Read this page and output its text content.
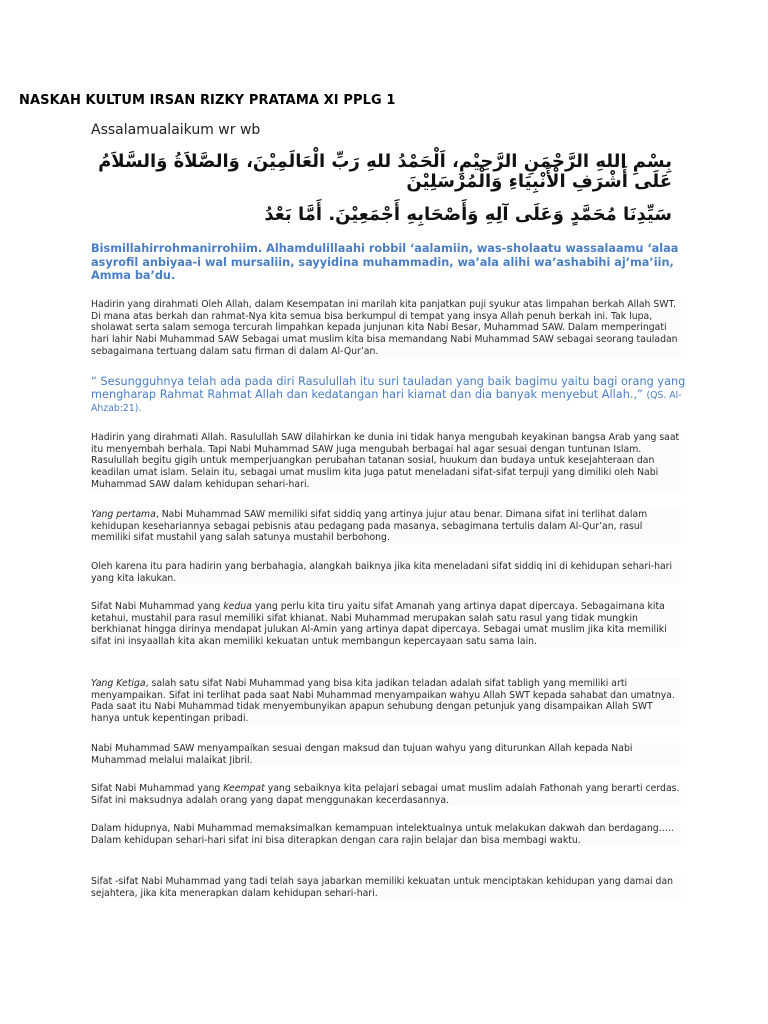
NASKAH KULTUM IRSAN RIZKY PRATAMA XI PPLG 1
Assalamualaikum wr wb
بِسْمِ اللهِ الرَّحْمَنِ الرَّحِيْمِ، اَلْحَمْدُ للهِ رَبِّ الْعَالَمِيْنَ، وَالصَّلاَةُ وَالسَّلاَمُ عَلَى أَشْرَفِ الْأَنْبِيَاءِ وَالْمُرْسَلِيْنَ
سَيِّدِنَا مُحَمَّدٍ وَعَلَى آلِهِ وَأَصْحَابِهِ أَجْمَعِيْنَ. أَمَّا بَعْدُ
Bismillahirrohmanirrohiim. Alhamdulillaahi robbil ‘aalamiin, was-sholaatu wassalaamu ‘alaa asyrofil anbiyaa-i wal mursaliin, sayyidina muhammadin, wa’ala alihi wa’ashabihi aj’ma’iin, Amma ba’du.

Hadirin yang dirahmati Oleh Allah, dalam Kesempatan ini marilah kita panjatkan puji syukur atas limpahan berkah Allah SWT. Di mana atas berkah dan rahmat-Nya kita semua bisa berkumpul di tempat yang insya Allah penuh berkah ini. Tak lupa, sholawat serta salam semoga tercurah limpahkan kepada junjunan kita Nabi Besar, Muhammad SAW. Dalam memperingati hari lahir Nabi Muhammad SAW Sebagai umat muslim kita bisa memandang Nabi Muhammad SAW sebagai seorang tauladan sebagaimana tertuang dalam satu firman di dalam Al-Qur’an.

“ Sesungguhnya telah ada pada diri Rasulullah itu suri tauladan yang baik bagimu yaitu bagi orang yang mengharap Rahmat Rahmat Allah dan kedatangan hari kiamat dan dia banyak menyebut Allah.,” (QS. Al-Ahzab:21).

Hadirin yang dirahmati Allah. Rasulullah SAW dilahirkan ke dunia ini tidak hanya mengubah keyakinan bangsa Arab yang saat itu menyembah berhala. Tapi Nabi Muhammad SAW juga mengubah berbagai hal agar sesuai dengan tuntunan Islam. Rasulullah begitu gigih untuk memperjuangkan perubahan tatanan sosial, huukum dan budaya untuk kesejahteraan dan keadilan umat islam. Selain itu, sebagai umat muslim kita juga patut meneladani sifat-sifat terpuji yang dimiliki oleh Nabi Muhammad SAW dalam kehidupan sehari-hari.

Yang pertama, Nabi Muhammad SAW memiliki sifat siddiq yang artinya jujur atau benar. Dimana sifat ini terlihat dalam kehidupan kesehariannya sebagai pebisnis atau pedagang pada masanya, sebagimana tertulis dalam Al-Qur’an, rasul memiliki sifat mustahil yang salah satunya mustahil berbohong.

Oleh karena itu para hadirin yang berbahagia, alangkah baiknya jika kita meneladani sifat siddiq ini di kehidupan sehari-hari yang kita lakukan.

Sifat Nabi Muhammad yang kedua yang perlu kita tiru yaitu sifat Amanah yang artinya dapat dipercaya. Sebagaimana kita ketahui, mustahil para rasul memiliki sifat khianat. Nabi Muhammad merupakan salah satu rasul yang tidak mungkin berkhianat hingga dirinya mendapat julukan Al-Amin yang artinya dapat dipercaya. Sebagai umat muslim jika kita memiliki sifat ini insyaallah kita akan memiliki kekuatan untuk membangun kepercayaan satu sama lain.

Yang Ketiga, salah satu sifat Nabi Muhammad yang bisa kita jadikan teladan adalah sifat tabligh yang memiliki arti menyampaikan. Sifat ini terlihat pada saat Nabi Muhammad menyampaikan wahyu Allah SWT kepada sahabat dan umatnya. Pada saat itu Nabi Muhammad tidak menyembunyikan apapun sehubung dengan petunjuk yang disampaikan Allah SWT hanya untuk kepentingan pribadi.

Nabi Muhammad SAW menyampaikan sesuai dengan maksud dan tujuan wahyu yang diturunkan Allah kepada Nabi Muhammad melalui malaikat Jibril.

Sifat Nabi Muhammad yang Keempat yang sebaiknya kita pelajari sebagai umat muslim adalah Fathonah yang berarti cerdas. Sifat ini maksudnya adalah orang yang dapat menggunakan kecerdasannya.

Dalam hidupnya, Nabi Muhammad memaksimalkan kemampuan intelektualnya untuk melakukan dakwah dan berdagang….. Dalam kehidupan sehari-hari sifat ini bisa diterapkan dengan cara rajin belajar dan bisa membagi waktu.

Sifat -sifat Nabi Muhammad yang tadi telah saya jabarkan memiliki kekuatan untuk menciptakan kehidupan yang damai dan sejahtera, jika kita menerapkan dalam kehidupan sehari-hari.
